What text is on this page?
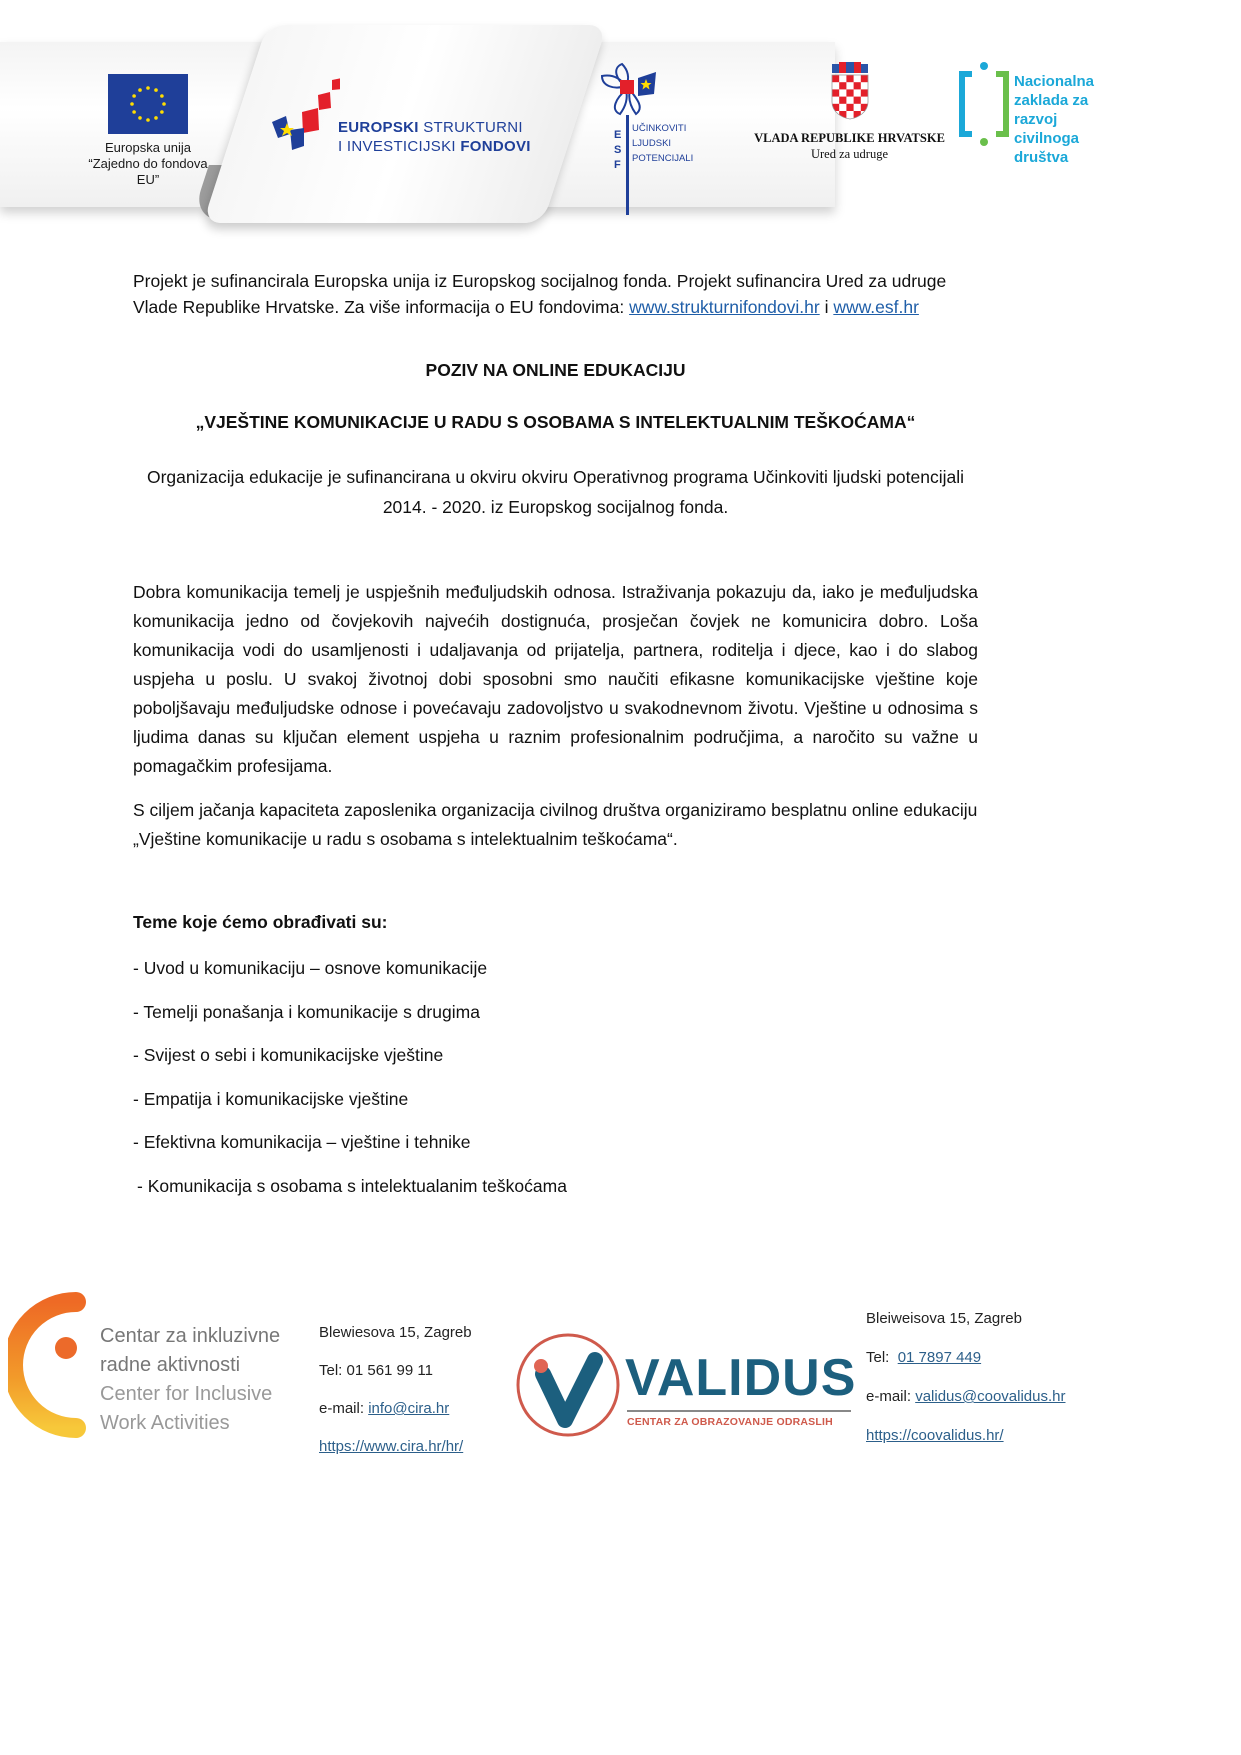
Europska unija
“Zajedno do fondova EU”
EUROPSKI STRUKTURNI
I INVESTICIJSKI FONDOVI
E
S
F
UČINKOVITI
LJUDSKI
POTENCIJALI
VLADA REPUBLIKE HRVATSKE
Ured za udruge
Nacionalna
zaklada za
razvoj
civilnoga
društva

Projekt je sufinancirala Europska unija iz Europskog socijalnog fonda. Projekt sufinancira Ured za udruge Vlade Republike Hrvatske. Za više informacija o EU fondovima: www.strukturnifondovi.hr i www.esf.hr

POZIV NA ONLINE EDUKACIJU
„VJEŠTINE KOMUNIKACIJE U RADU S OSOBAMA S INTELEKTUALNIM TEŠKOĆAMA“

Organizacija edukacije je sufinancirana u okviru okviru Operativnog programa Učinkoviti ljudski potencijali 2014. - 2020. iz Europskog socijalnog fonda.

Dobra komunikacija temelj je uspješnih međuljudskih odnosa. Istraživanja pokazuju da, iako je međuljudska komunikacija jedno od čovjekovih najvećih dostignuća, prosječan čovjek ne komunicira dobro. Loša komunikacija vodi do usamljenosti i udaljavanja od prijatelja, partnera, roditelja i djece, kao i do slabog uspjeha u poslu. U svakoj životnoj dobi sposobni smo naučiti efikasne komunikacijske vještine koje poboljšavaju međuljudske odnose i povećavaju zadovoljstvo u svakodnevnom životu. Vještine u odnosima s ljudima danas su ključan element uspjeha u raznim profesionalnim područjima, a naročito su važne u pomagačkim profesijama.

S ciljem jačanja kapaciteta zaposlenika organizacija civilnog društva organiziramo besplatnu online edukaciju „Vještine komunikacije u radu s osobama s intelektualnim teškoćama“.

Teme koje ćemo obrađivati su:
- Uvod u komunikaciju – osnove komunikacije
- Temelji ponašanja i komunikacije s drugima
- Svijest o sebi i komunikacijske vještine
- Empatija i komunikacijske vještine
- Efektivna komunikacija – vještine i tehnike
- Komunikacija s osobama s intelektualanim teškoćama
Centar za inkluzivne
radne aktivnosti
Center for Inclusive
Work Activities
Blewiesova 15, Zagreb
Tel: 01 561 99 11
e-mail: info@cira.hr
https://www.cira.hr/hr/
VALIDUS
CENTAR ZA OBRAZOVANJE ODRASLIH
Bleiweisova 15, Zagreb
Tel:  01 7897 449
e-mail: validus@coovalidus.hr
https://coovalidus.hr/
